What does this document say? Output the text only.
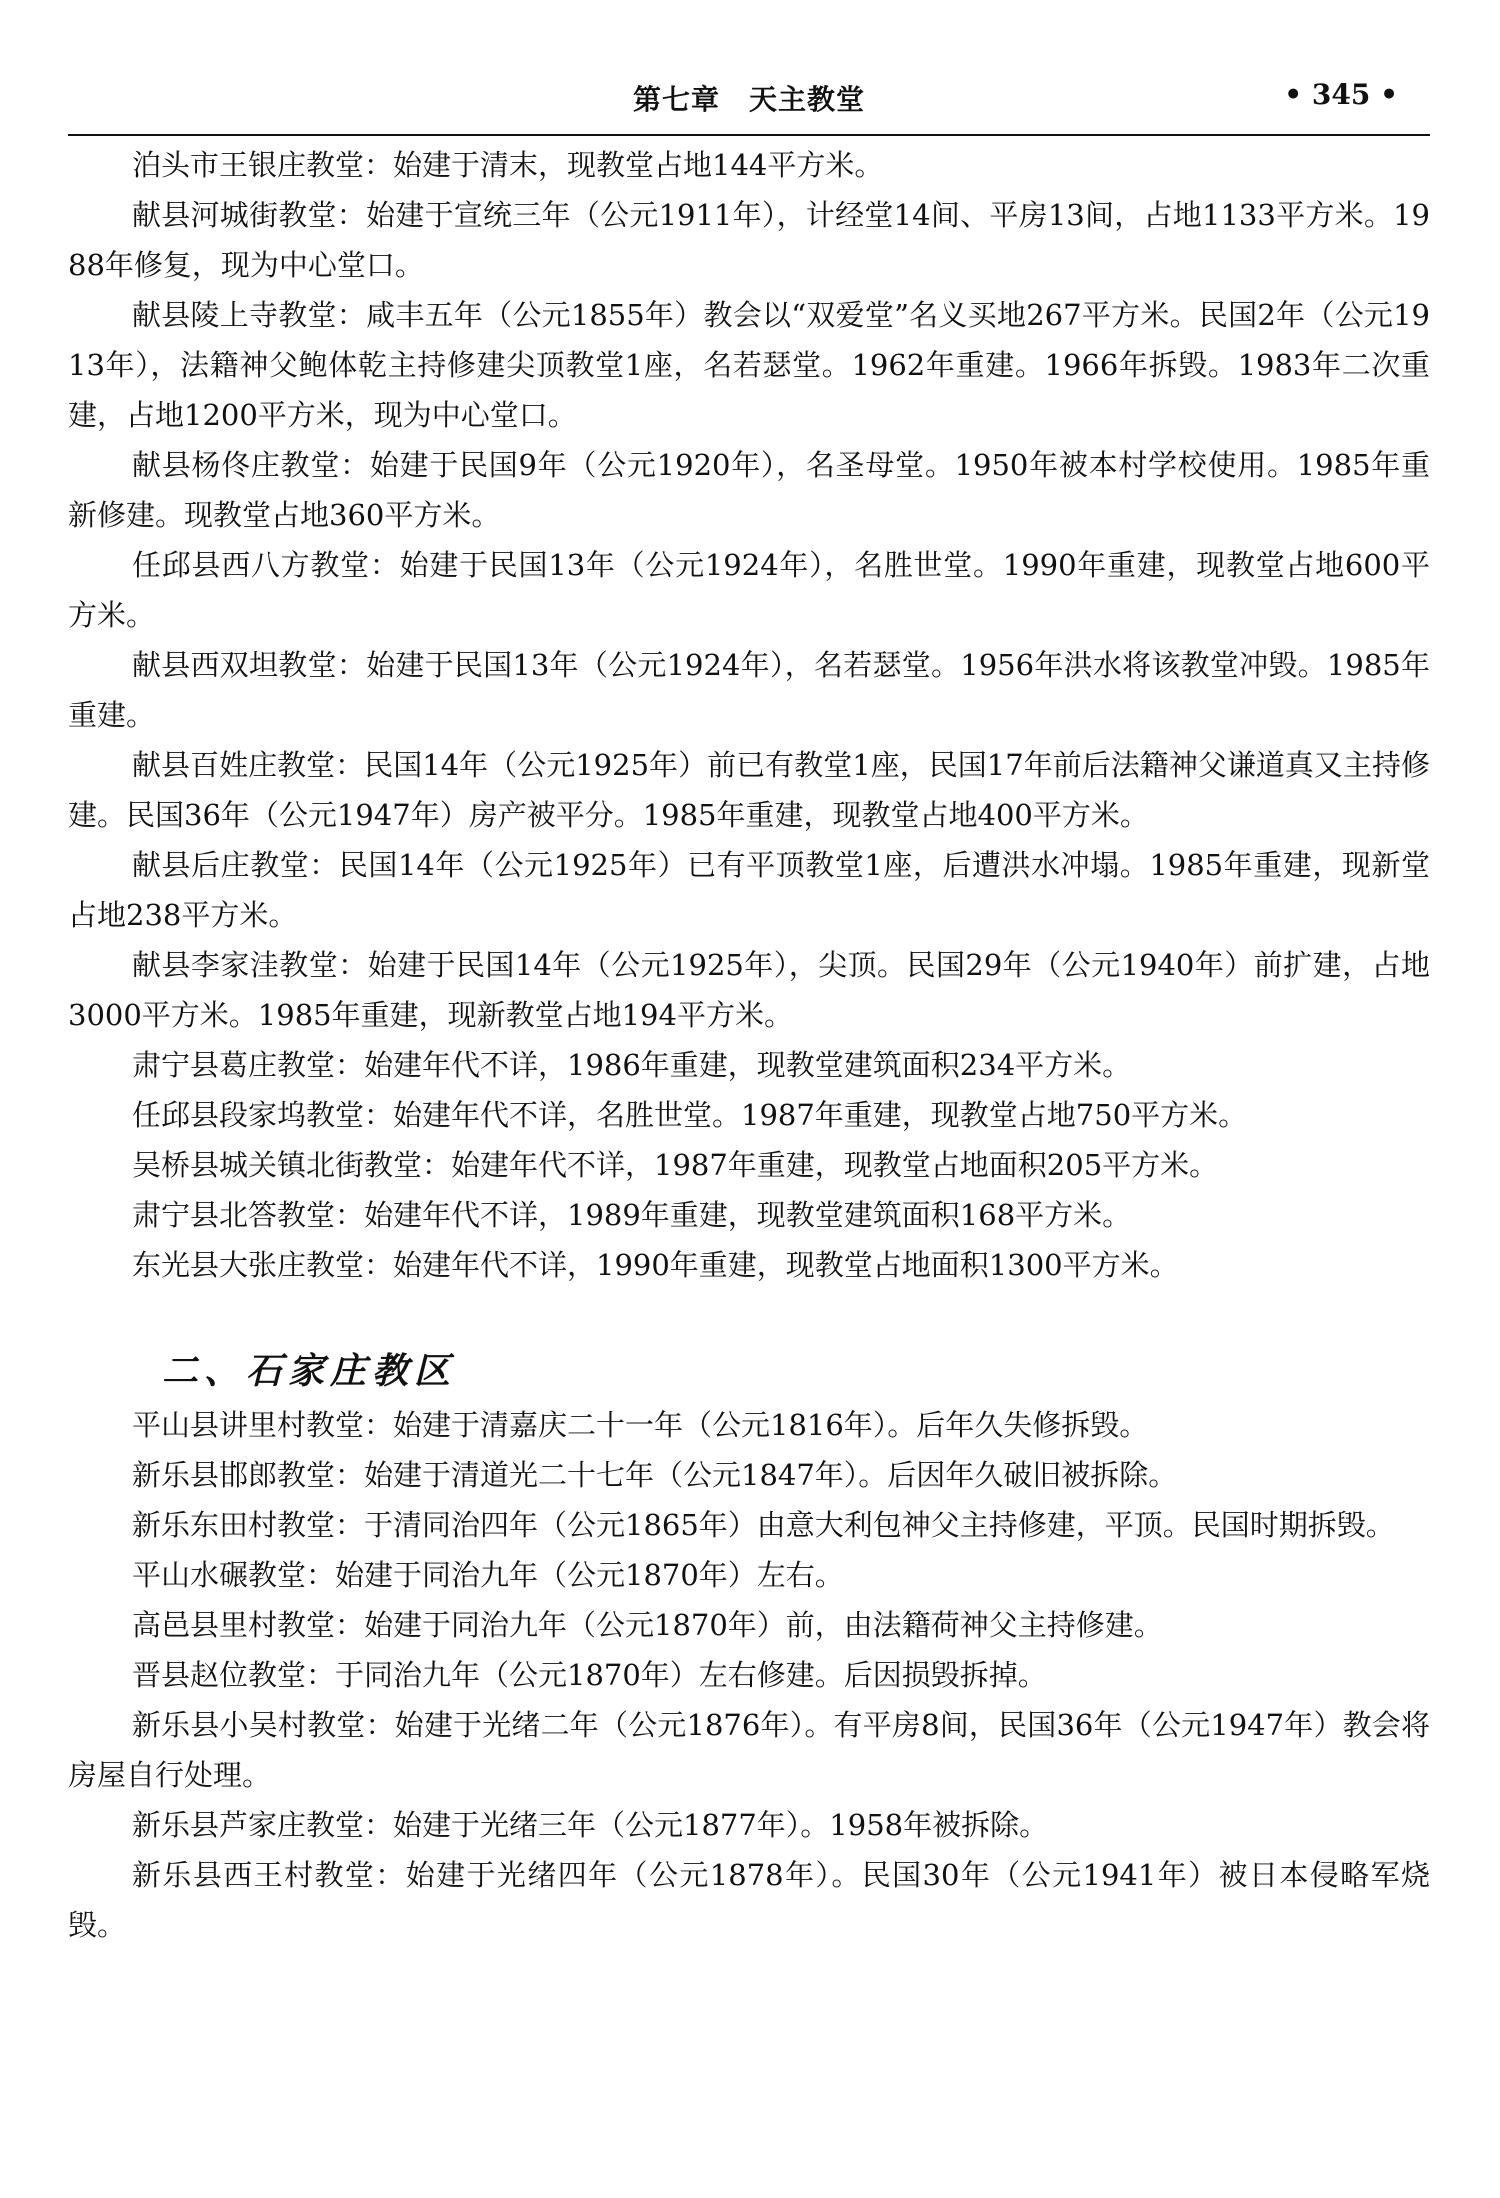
第七章　天主教堂	• 345 •

泊头市王银庄教堂：始建于清末，现教堂占地144平方米。

献县河城街教堂：始建于宣统三年（公元1911年），计经堂14间、平房13间，占地1133平方米。1988年修复，现为中心堂口。

献县陵上寺教堂：咸丰五年（公元1855年）教会以“双爱堂”名义买地267平方米。民国2年（公元1913年），法籍神父鲍体乾主持修建尖顶教堂1座，名若瑟堂。1962年重建。1966年拆毁。1983年二次重建，占地1200平方米，现为中心堂口。

献县杨佟庄教堂：始建于民国9年（公元1920年），名圣母堂。1950年被本村学校使用。1985年重新修建。现教堂占地360平方米。

任邱县西八方教堂：始建于民国13年（公元1924年），名胜世堂。1990年重建，现教堂占地600平方米。

献县西双坦教堂：始建于民国13年（公元1924年），名若瑟堂。1956年洪水将该教堂冲毁。1985年重建。

献县百姓庄教堂：民国14年（公元1925年）前已有教堂1座，民国17年前后法籍神父谦道真又主持修建。民国36年（公元1947年）房产被平分。1985年重建，现教堂占地400平方米。

献县后庄教堂：民国14年（公元1925年）已有平顶教堂1座，后遭洪水冲塌。1985年重建，现新堂占地238平方米。

献县李家洼教堂：始建于民国14年（公元1925年），尖顶。民国29年（公元1940年）前扩建，占地3000平方米。1985年重建，现新教堂占地194平方米。

肃宁县葛庄教堂：始建年代不详，1986年重建，现教堂建筑面积234平方米。

任邱县段家坞教堂：始建年代不详，名胜世堂。1987年重建，现教堂占地750平方米。

吴桥县城关镇北街教堂：始建年代不详，1987年重建，现教堂占地面积205平方米。

肃宁县北答教堂：始建年代不详，1989年重建，现教堂建筑面积168平方米。

东光县大张庄教堂：始建年代不详，1990年重建，现教堂占地面积1300平方米。

二、石家庄教区

平山县讲里村教堂：始建于清嘉庆二十一年（公元1816年）。后年久失修拆毁。

新乐县邯郎教堂：始建于清道光二十七年（公元1847年）。后因年久破旧被拆除。

新乐东田村教堂：于清同治四年（公元1865年）由意大利包神父主持修建，平顶。民国时期拆毁。

平山水碾教堂：始建于同治九年（公元1870年）左右。

高邑县里村教堂：始建于同治九年（公元1870年）前，由法籍荷神父主持修建。

晋县赵位教堂：于同治九年（公元1870年）左右修建。后因损毁拆掉。

新乐县小吴村教堂：始建于光绪二年（公元1876年）。有平房8间，民国36年（公元1947年）教会将房屋自行处理。

新乐县芦家庄教堂：始建于光绪三年（公元1877年）。1958年被拆除。

新乐县西王村教堂：始建于光绪四年（公元1878年）。民国30年（公元1941年）被日本侵略军烧毁。
